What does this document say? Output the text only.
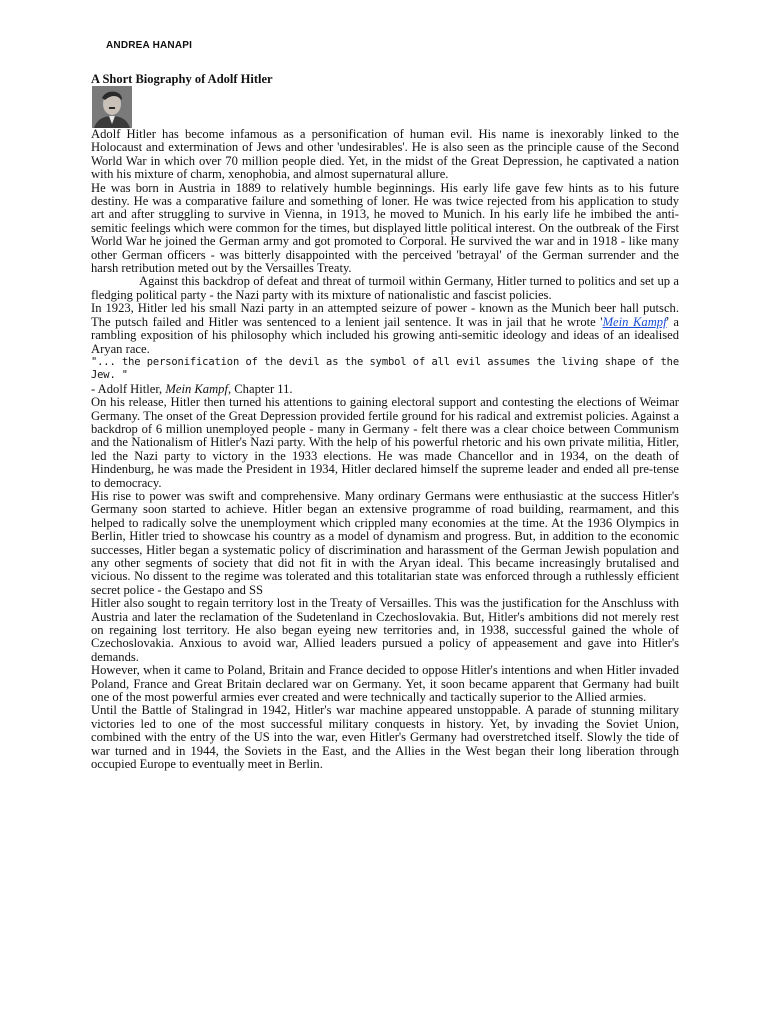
ANDREA HANAPI
A Short Biography of Adolf Hitler

Adolf Hitler has become infamous as a personification of human evil. His name is inexorably linked to the Holocaust and extermination of Jews and other 'undesirables'. He is also seen as the principle cause of the Second World War in which over 70 million people died. Yet, in the midst of the Great Depression, he captivated a nation with his mixture of charm, xenophobia, and almost supernatural allure.

He was born in Austria in 1889 to relatively humble beginnings. His early life gave few hints as to his future destiny. He was a comparative failure and something of loner. He was twice rejected from his application to study art and after struggling to survive in Vienna, in 1913, he moved to Munich. In his early life he imbibed the anti-semitic feelings which were common for the times, but displayed little political interest. On the outbreak of the First World War he joined the German army and got promoted to Corporal. He survived the war and in 1918 - like many other German officers - was bitterly disappointed with the perceived 'betrayal' of the German surrender and the harsh retribution meted out by the Versailles Treaty.

Against this backdrop of defeat and threat of turmoil within Germany, Hitler turned to politics and set up a fledging political party - the Nazi party with its mixture of nationalistic and fascist policies.

In 1923, Hitler led his small Nazi party in an attempted seizure of power - known as the Munich beer hall putsch. The putsch failed and Hitler was sentenced to a lenient jail sentence. It was in jail that he wrote 'Mein Kampf' a rambling exposition of his philosophy which included his growing anti-semitic ideology and ideas of an idealised Aryan race.

"... the personification of the devil as the symbol of all evil assumes the living shape of the Jew. "

- Adolf Hitler, Mein Kampf, Chapter 11.

On his release, Hitler then turned his attentions to gaining electoral support and contesting the elections of Weimar Germany. The onset of the Great Depression provided fertile ground for his radical and extremist policies. Against a backdrop of 6 million unemployed people - many in Germany - felt there was a clear choice between Communism and the Nationalism of Hitler's Nazi party. With the help of his powerful rhetoric and his own private militia, Hitler, led the Nazi party to victory in the 1933 elections. He was made Chancellor and in 1934, on the death of Hindenburg, he was made the President in 1934, Hitler declared himself the supreme leader and ended all pre-tense to democracy.

His rise to power was swift and comprehensive. Many ordinary Germans were enthusiastic at the success Hitler's Germany soon started to achieve. Hitler began an extensive programme of road building, rearmament, and this helped to radically solve the unemployment which crippled many economies at the time. At the 1936 Olympics in Berlin, Hitler tried to showcase his country as a model of dynamism and progress. But, in addition to the economic successes, Hitler began a systematic policy of discrimination and harassment of the German Jewish population and any other segments of society that did not fit in with the Aryan ideal. This became increasingly brutalised and vicious. No dissent to the regime was tolerated and this totalitarian state was enforced through a ruthlessly efficient secret police - the Gestapo and SS

Hitler also sought to regain territory lost in the Treaty of Versailles. This was the justification for the Anschluss with Austria and later the reclamation of the Sudetenland in Czechoslovakia. But, Hitler's ambitions did not merely rest on regaining lost territory. He also began eyeing new territories and, in 1938, successful gained the whole of Czechoslovakia. Anxious to avoid war, Allied leaders pursued a policy of appeasement and gave into Hitler's demands.

However, when it came to Poland, Britain and France decided to oppose Hitler's intentions and when Hitler invaded Poland, France and Great Britain declared war on Germany. Yet, it soon became apparent that Germany had built one of the most powerful armies ever created and were technically and tactically superior to the Allied armies.

Until the Battle of Stalingrad in 1942, Hitler's war machine appeared unstoppable. A parade of stunning military victories led to one of the most successful military conquests in history. Yet, by invading the Soviet Union, combined with the entry of the US into the war, even Hitler's Germany had overstretched itself. Slowly the tide of war turned and in 1944, the Soviets in the East, and the Allies in the West began their long liberation through occupied Europe to eventually meet in Berlin.
